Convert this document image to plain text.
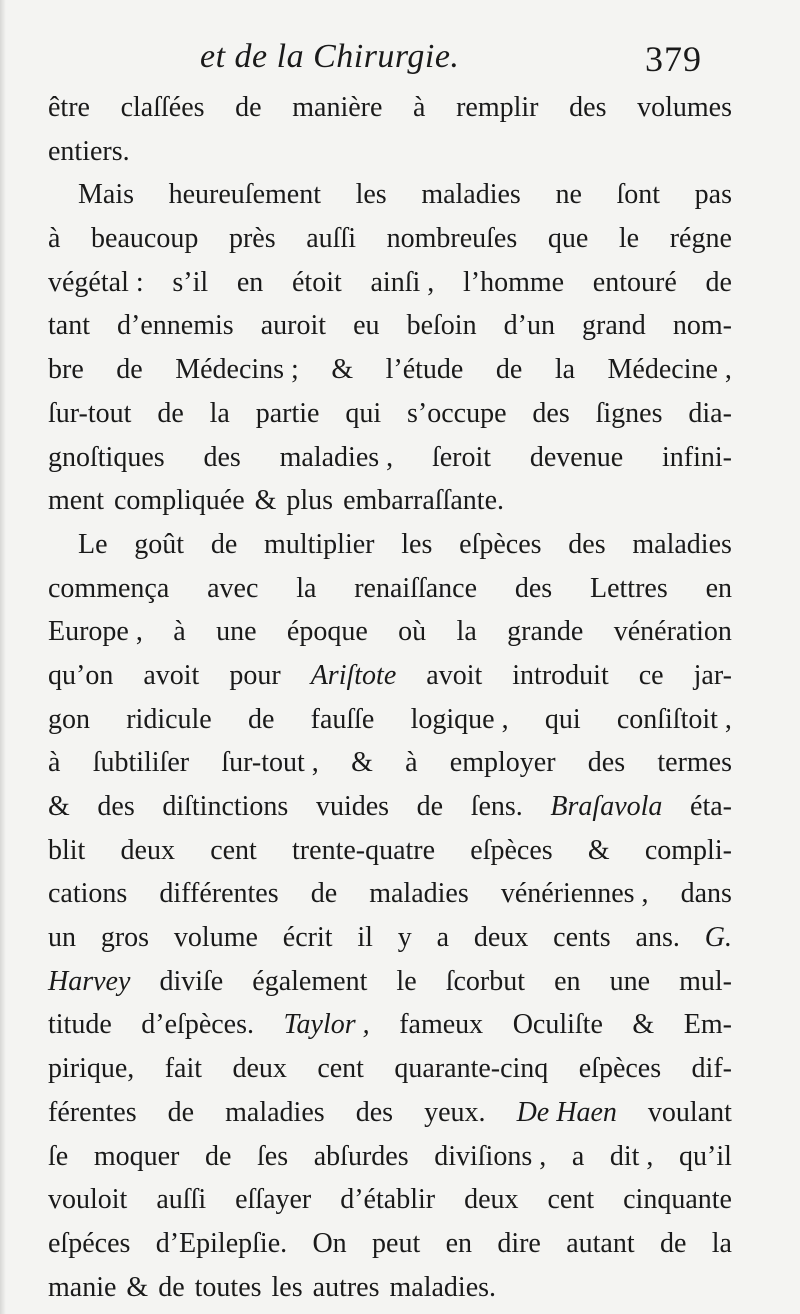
et de la Chirurgie.	379
être claſſées de manière à remplir des volumes
entiers.
Mais heureuſement les maladies ne ſont pas
à beaucoup près auſſi nombreuſes que le régne
végétal : s’il en étoit ainſi , l’homme entouré de
tant d’ennemis auroit eu beſoin d’un grand nom-
bre de Médecins ; & l’étude de la Médecine ,
ſur-tout de la partie qui s’occupe des ſignes dia-
gnoſtiques des maladies , ſeroit devenue infini-
ment compliquée & plus embarraſſante.
Le goût de multiplier les eſpèces des maladies
commença avec la renaiſſance des Lettres en
Europe , à une époque où la grande vénération
qu’on avoit pour Ariſtote avoit introduit ce jar-
gon ridicule de fauſſe logique , qui conſiſtoit ,
à ſubtiliſer ſur-tout , & à employer des termes
& des diſtinctions vuides de ſens. Braſavola éta-
blit deux cent trente-quatre eſpèces & compli-
cations différentes de maladies vénériennes , dans
un gros volume écrit il y a deux cents ans. G.
Harvey diviſe également le ſcorbut en une mul-
titude d’eſpèces. Taylor , fameux Oculiſte & Em-
pirique, fait deux cent quarante-cinq eſpèces dif-
férentes de maladies des yeux. De Haen voulant
ſe moquer de ſes abſurdes diviſions , a dit , qu’il
vouloit auſſi eſſayer d’établir deux cent cinquante
eſpéces d’Epilepſie. On peut en dire autant de la
manie & de toutes les autres maladies.
